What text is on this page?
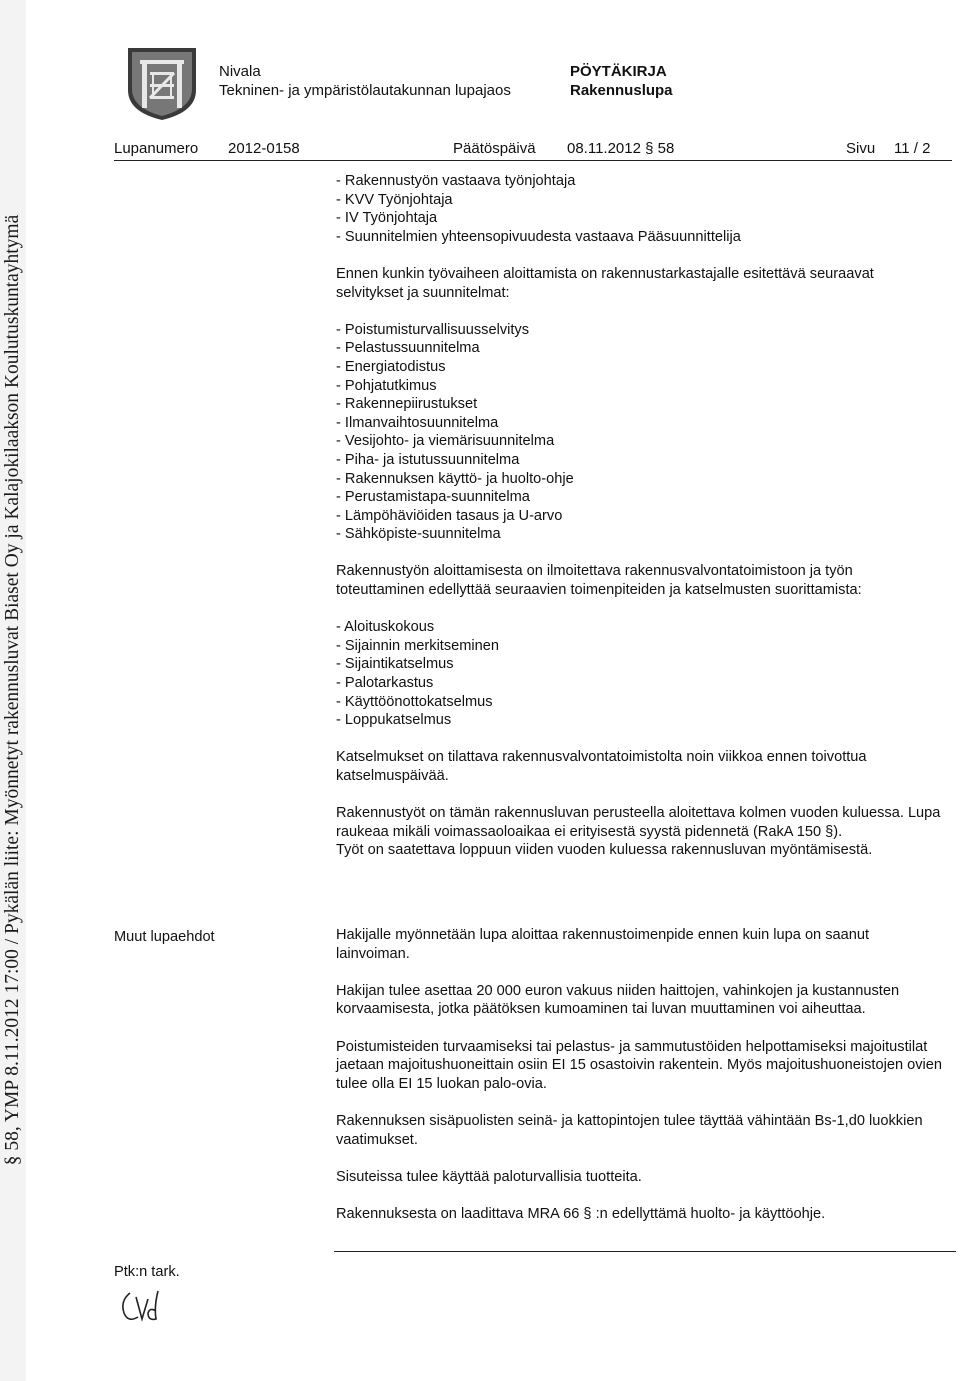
§ 58, YMP 8.11.2012 17:00 / Pykälän liite: Myönnetyt rakennusluvat Biaset Oy ja Kalajokilaakson Koulutuskuntayhtymä
Nivala
Tekninen- ja ympäristölautakunnan lupajaos
PÖYTÄKIRJA
Rakennuslupa
Lupanumero 2012-0158	Päätöspäivä 08.11.2012 § 58	Sivu 11 / 2

- Rakennustyön vastaava työnjohtaja

- KVV Työnjohtaja

- IV Työnjohtaja

- Suunnitelmien yhteensopivuudesta vastaava Pääsuunnittelija

Ennen kunkin työvaiheen aloittamista on rakennustarkastajalle esitettävä seuraavat selvitykset ja suunnitelmat:

- Poistumisturvallisuusselvitys

- Pelastussuunnitelma

- Energiatodistus

- Pohjatutkimus

- Rakennepiirustukset

- Ilmanvaihtosuunnitelma

- Vesijohto- ja viemärisuunnitelma

- Piha- ja istutussuunnitelma

- Rakennuksen käyttö- ja huolto-ohje

- Perustamistapa-suunnitelma

- Lämpöhäviöiden tasaus ja U-arvo

- Sähköpiste-suunnitelma

Rakennustyön aloittamisesta on ilmoitettava rakennusvalvontatoimistoon ja työn toteuttaminen edellyttää seuraavien toimenpiteiden ja katselmusten suorittamista:

- Aloituskokous

- Sijainnin merkitseminen

- Sijaintikatselmus

- Palotarkastus

- Käyttöönottokatselmus

- Loppukatselmus

Katselmukset on tilattava rakennusvalvontatoimistolta noin viikkoa ennen toivottua katselmuspäivää.

Rakennustyöt on tämän rakennusluvan perusteella aloitettava kolmen vuoden kuluessa. Lupa raukeaa mikäli voimassaoloaikaa ei erityisestä syystä pidennetä (RakA 150 §).

Työt on saatettava loppuun viiden vuoden kuluessa rakennusluvan myöntämisestä.

Muut lupaehdot	Hakijalle myönnetään lupa aloittaa rakennustoimenpide ennen kuin lupa on saanut lainvoiman.

Hakijan tulee asettaa 20 000 euron vakuus niiden haittojen, vahinkojen ja kustannusten korvaamisesta, jotka päätöksen kumoaminen tai luvan muuttaminen voi aiheuttaa.

Poistumisteiden turvaamiseksi tai pelastus- ja sammutustöiden helpottamiseksi majoitustilat jaetaan majoitushuoneittain osiin EI 15 osastoivin rakentein. Myös majoitushuoneistojen ovien tulee olla EI 15 luokan palo-ovia.

Rakennuksen sisäpuolisten seinä- ja kattopintojen tulee täyttää vähintään Bs-1,d0 luokkien vaatimukset.

Sisuteissa tulee käyttää paloturvallisia tuotteita.

Rakennuksesta on laadittava MRA 66 § :n edellyttämä huolto- ja käyttöohje.

Ptk:n tark.
